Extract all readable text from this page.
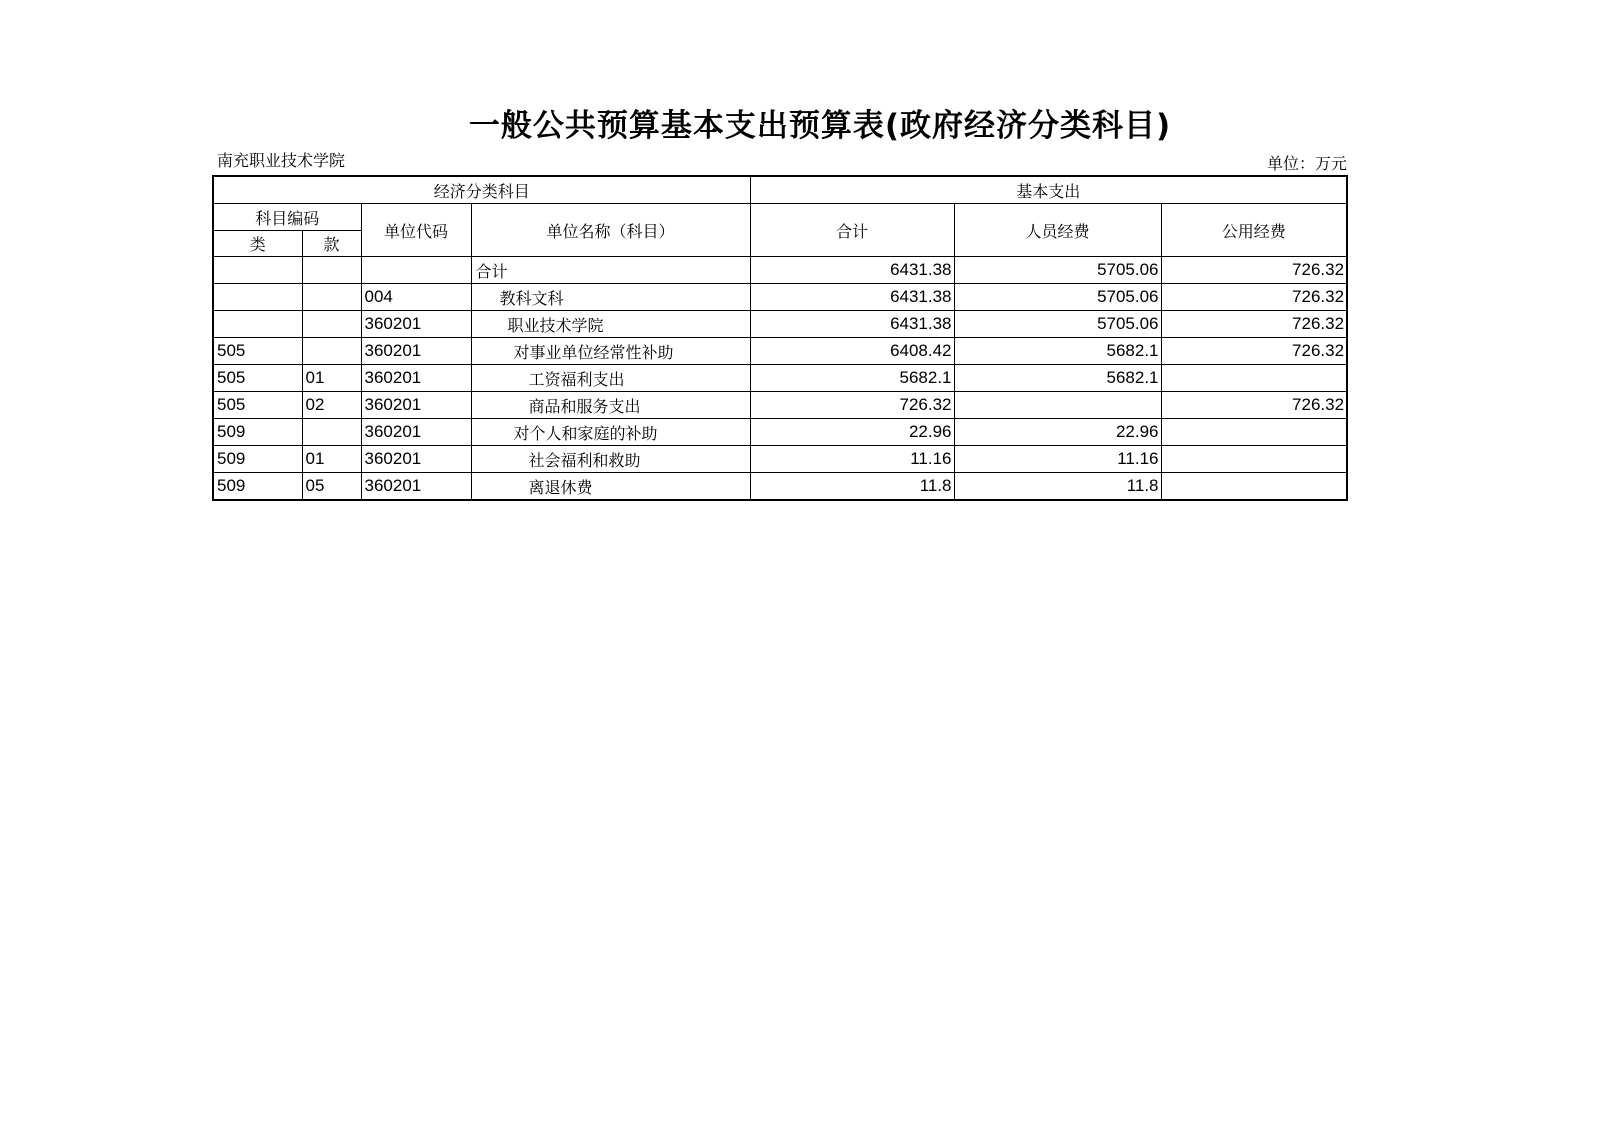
一般公共预算基本支出预算表(政府经济分类科目)
南充职业技术学院	单位：万元
经济分类科目				基本支出		
科目编码		单位代码	单位名称（科目）	合计	人员经费	公用经费
类	款					
			合计	6431.38	5705.06	726.32
		004	教科文科	6431.38	5705.06	726.32
		360201	职业技术学院	6431.38	5705.06	726.32
505		360201	对事业单位经常性补助	6408.42	5682.1	726.32
505	01	360201	工资福利支出	5682.1	5682.1	
505	02	360201	商品和服务支出	726.32		726.32
509		360201	对个人和家庭的补助	22.96	22.96	
509	01	360201	社会福利和救助	11.16	11.16	
509	05	360201	离退休费	11.8	11.8	
